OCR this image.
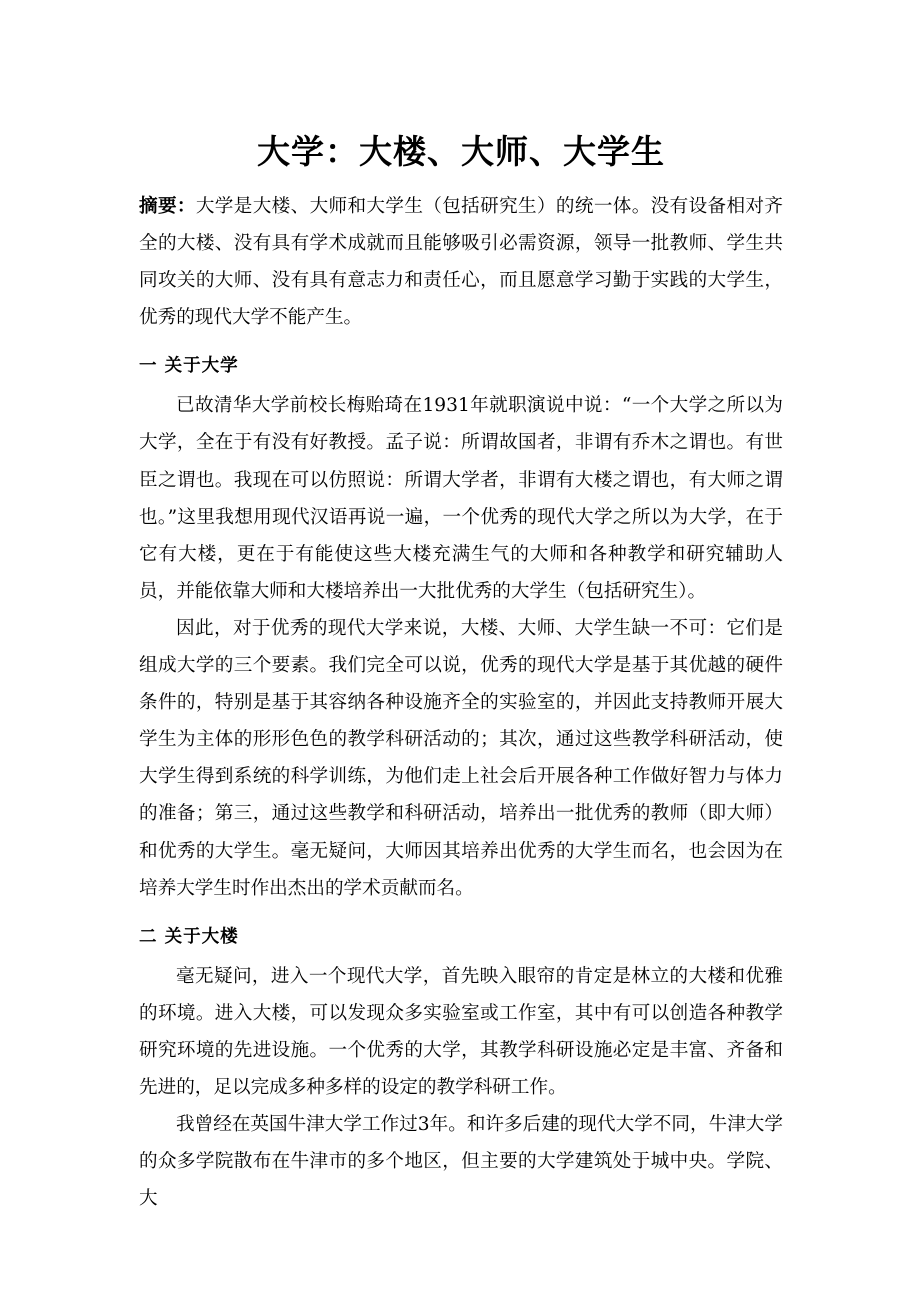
大学：大楼、大师、大学生

摘要：大学是大楼、大师和大学生（包括研究生）的统一体。没有设备相对齐全的大楼、没有具有学术成就而且能够吸引必需资源，领导一批教师、学生共同攻关的大师、没有具有意志力和责任心，而且愿意学习勤于实践的大学生，优秀的现代大学不能产生。

一 关于大学

已故清华大学前校长梅贻琦在1931年就职演说中说：“一个大学之所以为大学，全在于有没有好教授。孟子说：所谓故国者，非谓有乔木之谓也。有世臣之谓也。我现在可以仿照说：所谓大学者，非谓有大楼之谓也，有大师之谓也。”这里我想用现代汉语再说一遍，一个优秀的现代大学之所以为大学，在于它有大楼，更在于有能使这些大楼充满生气的大师和各种教学和研究辅助人员，并能依靠大师和大楼培养出一大批优秀的大学生（包括研究生）。

因此，对于优秀的现代大学来说，大楼、大师、大学生缺一不可：它们是组成大学的三个要素。我们完全可以说，优秀的现代大学是基于其优越的硬件条件的，特别是基于其容纳各种设施齐全的实验室的，并因此支持教师开展大学生为主体的形形色色的教学科研活动的；其次，通过这些教学科研活动，使大学生得到系统的科学训练，为他们走上社会后开展各种工作做好智力与体力的准备；第三，通过这些教学和科研活动，培养出一批优秀的教师（即大师）和优秀的大学生。毫无疑问，大师因其培养出优秀的大学生而名，也会因为在培养大学生时作出杰出的学术贡献而名。

二 关于大楼

毫无疑问，进入一个现代大学，首先映入眼帘的肯定是林立的大楼和优雅的环境。进入大楼，可以发现众多实验室或工作室，其中有可以创造各种教学研究环境的先进设施。一个优秀的大学，其教学科研设施必定是丰富、齐备和先进的，足以完成多种多样的设定的教学科研工作。

我曾经在英国牛津大学工作过3年。和许多后建的现代大学不同，牛津大学的众多学院散布在牛津市的多个地区，但主要的大学建筑处于城中央。学院、大
